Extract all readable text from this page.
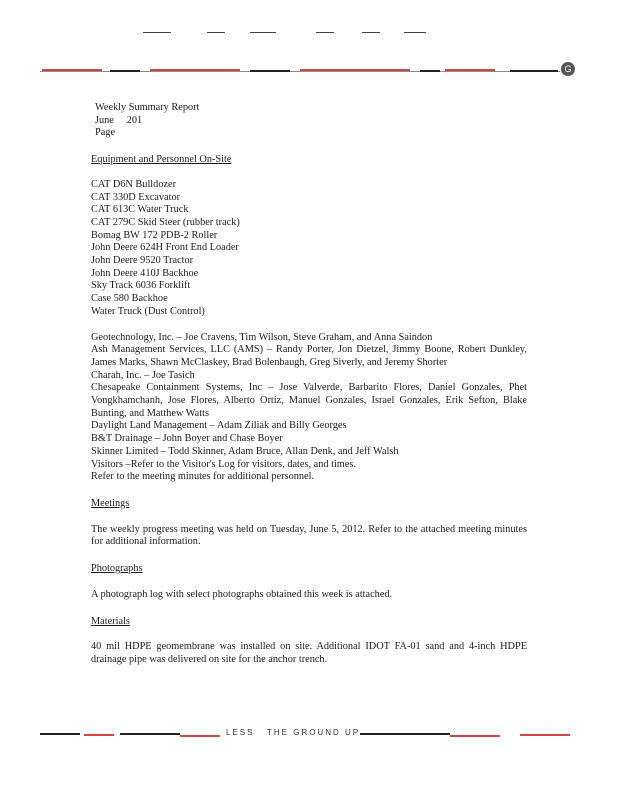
G
Weekly Summary Report
June     201
Page
Equipment and Personnel On-Site
CAT D6N Bulldozer
CAT 330D Excavator
CAT 613C Water Truck
CAT 279C Skid Steer (rubber track)
Bomag BW 172 PDB-2 Roller
John Deere 624H Front End Loader
John Deere 9520 Tractor
John Deere 410J Backhoe
Sky Track 6036 Forklift
Case 580 Backhoe
Water Truck (Dust Control)
Geotechnology, Inc. – Joe Cravens, Tim Wilson, Steve Graham, and Anna Saindon
Ash Management Services, LLC (AMS) – Randy Porter, Jon Dietzel, Jimmy Boone, Robert Dunkley, James Marks, Shawn McClaskey, Brad Bolenbaugh, Greg Siverly, and Jeremy Shorter
Charah, Inc. – Joe Tasich
Chesapeake Containment Systems, Inc – Jose Valverde, Barbarito Flores, Daniel Gonzales, Phet Vongkhamchanh, Jose Flores, Alberto Ortiz, Manuel Gonzales, Israel Gonzales, Erik Sefton, Blake Bunting, and Matthew Watts
Daylight Land Management – Adam Ziliak and Billy Georges
B&T Drainage – John Boyer and Chase Boyer
Skinner Limited – Todd Skinner, Adam Bruce, Allan Denk, and Jeff Walsh
Visitors –Refer to the Visitor's Log for visitors, dates, and times.
Refer to the meeting minutes for additional personnel.
Meetings
The weekly progress meeting was held on Tuesday, June 5, 2012. Refer to the attached meeting minutes for additional information.
Photographs
A photograph log with select photographs obtained this week is attached.
Materials
40 mil HDPE geomembrane was installed on site. Additional IDOT FA-01 sand and 4-inch HDPE drainage pipe was delivered on site for the anchor trench.
LESS   THE GROUND UP
